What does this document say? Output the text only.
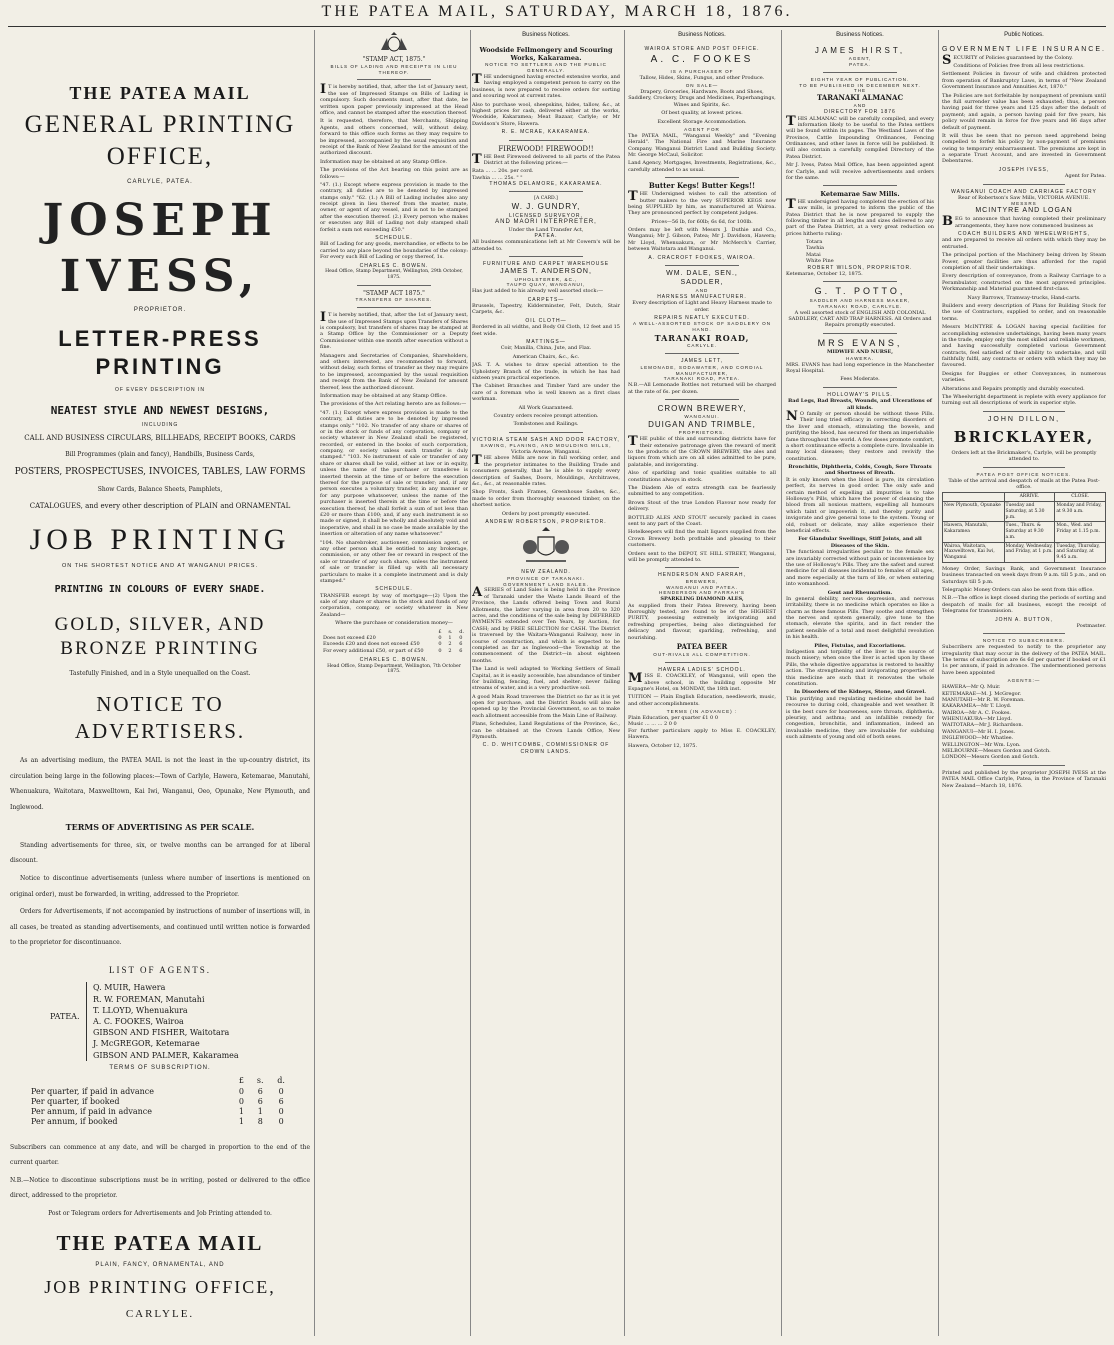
THE PATEA MAIL, SATURDAY, MARCH 18, 1876.
THE PATEA MAIL
GENERAL PRINTING OFFICE,
CARLYLE, PATEA.
JOSEPH IVESS,
PROPRIETOR.
LETTER-PRESS PRINTING
OF EVERY DESCRIPTION IN
NEATEST STYLE AND NEWEST DESIGNS,
INCLUDING
CALL AND BUSINESS CIRCULARS, BILLHEADS, RECEIPT BOOKS, CARDS
Bill Programmes (plain and fancy), Handbills, Business Cards,
POSTERS, PROSPECTUSES, INVOICES, TABLES, LAW FORMS
Show Cards, Balance Sheets, Pamphlets,
CATALOGUES, and every other description of PLAIN and ORNAMENTAL
JOB PRINTING
ON THE SHORTEST NOTICE AND AT WANGANUI PRICES.
PRINTING IN COLOURS OF EVERY SHADE.
GOLD, SILVER, AND BRONZE PRINTING
Tastefully Finished, and in a Style unequalled on the Coast.
NOTICE TO ADVERTISERS.

As an advertising medium, the PATEA MAIL is not the least in the up-country district, its circulation being large in the following places:—Town of Carlyle, Hawera, Ketemarae, Manutahi, Whenuakura, Waitotara, Maxwelltown, Kai Iwi, Wanganui, Oeo, Opunake, New Plymouth, and Inglewood.

TERMS OF ADVERTISING AS PER SCALE.

Standing advertisements for three, six, or twelve months can be arranged for at liberal discount.

Notice to discontinue advertisements (unless where number of insertions is mentioned on original order), must be forwarded, in writing, addressed to the Proprietor.

Orders for Advertisements, if not accompanied by instructions of number of insertions will, in all cases, be treated as standing advertisements, and continued until written notice is forwarded to the proprietor for discontinuance.

LIST OF AGENTS.
PATEA.
Q. MUIR, Hawera
R. W. FOREMAN, Manutahi
T. LLOYD, Whenuakura
A. C. FOOKES, Wairoa
GIBSON AND FISHER, Waitotara
J. McGREGOR, Ketemarae
GIBSON AND PALMER, Kakaramea
TERMS OF SUBSCRIPTION.
	£	s.	d.
Per quarter, if paid in advance	0	6	0
Per quarter, if booked	0	6	6
Per annum, if paid in advance	1	1	0
Per annum, if booked	1	8	0

Subscribers can commence at any date, and will be charged in proportion to the end of the current quarter.

N.B.—Notice to discontinue subscriptions must be in writing, posted or delivered to the office direct, addressed to the proprietor.

Post or Telegram orders for Advertisements and Job Printing attended to.

THE PATEA MAIL
PLAIN, FANCY, ORNAMENTAL, AND
JOB PRINTING OFFICE,
CARLYLE.
"STAMP ACT, 1875."
BILLS OF LADING AND RECEIPTS IN LIEU THEREOF.

IT is hereby notified, that, after the 1st of January next, the use of Impressed Stamps on Bills of Lading is compulsory. Such documents must, after that date, be written upon paper previously impressed at the Head office, and cannot be stamped after the execution thereof.

It is requested, therefore, that Merchants, Shipping Agents, and others concerned, will, without delay, forward to this office such forms as they may require to be impressed, accompanied by the usual requisition and receipt of the Bank of New Zealand for the amount of the authorized discount.

Information may be obtained at any Stamp Office.

The provisions of the Act bearing on this point are as follows:—

"47. (1.) Except where express provision is made to the contrary, all duties are to be denoted by impressed stamps only." "62. (1.) A Bill of Lading includes also any receipt given in lieu thereof from the master, mate, owner, or agent of any vessel, and is not to be stamped after the execution thereof. (2.) Every person who makes or executes any Bill of Lading not duly stamped shall forfeit a sum not exceeding £50."

SCHEDULE.

Bill of Lading for any goods, merchandise, or effects to be carried to any place beyond the boundaries of the colony: For every such Bill of Lading or copy thereof, 1s.

CHARLES C. BOWEN.

Head Office, Stamp Department, Wellington, 29th October, 1875.

"STAMP ACT 1875."
TRANSFERS OF SHARES.

IT is hereby notified, that, after the 1st of January next, the use of Impressed Stamps upon Transfers of Shares is compulsory, but transfers of shares may be stamped at a Stamp Office by the Commissioner or a Deputy Commissioner within one month after execution without a fine.

Managers and Secretaries of Companies, Shareholders, and others interested, are recommended to forward, without delay, such forms of transfer as they may require to be impressed, accompanied by the usual requisition and receipt from the Bank of New Zealand for amount thereof, less the authorized discount.

Information may be obtained at any Stamp Office.

The provisions of the Act relating hereto are as follows:—

"47. (1.) Except where express provision is made to the contrary, all duties are to be denoted by impressed stamps only." "102. No transfer of any share or shares of or in the stock or funds of any corporation, company or society whatever in New Zealand shall be registered, recorded, or entered in the books of such corporation, company, or society unless such transfer is duly stamped." "103. No instrument of sale or transfer of any share or shares shall be valid, either at law or in equity, unless the name of the purchaser or transferee is inserted therein at the time of or before the execution thereof for the purpose of sale or transfer; and, if any person executes a voluntary transfer, in any manner or for any purpose whatsoever, unless the name of the purchaser is inserted therein at the time or before the execution thereof, he shall forfeit a sum of not less than £20 or more than £100; and, if any such instrument is so made or signed, it shall be wholly and absolutely void and inoperative, and shall in no case be made available by the insertion or alteration of any name whatsoever."

"104. No sharebroker, auctioneer, commission agent, or any other person shall be entitled to any brokerage, commission, or any other fee or reward in respect of the sale or transfer of any such share, unless the instrument of sale or transfer is filled up with all necessary particulars to make it a complete instrument and is duly stamped."

SCHEDULE.

TRANSFER except by way of mortgage—(2) Upon the sale of any share or shares in the stock and funds of any corporation, company, or society whatever in New Zealand—

Where the purchase or consideration money—

	£	s.	d.
Does not exceed £20	0	1	0
Exceeds £20 and does not exceed £50	0	2	6
For every additional £50, or part of £50	0	2	6
CHARLES C. BOWEN.

Head Office, Stamp Department, Wellington, 7th October 1875.

Business Notices.
Woodside Fellmongery and Scouring Works, Kakaramea.
NOTICE TO SETTLERS AND THE PUBLIC GENERALLY.

THE undersigned having erected extensive works, and having employed a competent person to carry on the business, is now prepared to receive orders for sorting and scouring wool at current rates.

Also to purchase wool, sheepskins, hides, tallow, &c., at highest prices for cash, delivered either at the works, Woodside, Kakaramea; Meat Bazaar, Carlyle; or Mr Davidson's Store, Hawera.

R. E. MCRAE, KAKARAMEA.
FIREWOOD! FIREWOOD!!

THE Best Firewood delivered to all parts of the Patea District at the following prices:—

Rata ... ... 20s. per cord.
Tawhia ... ... 25s. " "
THOMAS DELAMORE, KAKARAMEA.
[A CARD.]
W. J. GUNDRY,
LICENSED SURVEYOR,
AND MAORI INTERPRETER,
Under the Land Transfer Act,
PATEA.

All business communications left at Mr Cowern's will be attended to.

FURNITURE AND CARPET WAREHOUSE
JAMES T. ANDERSON,
UPHOLSTERER, &C.,
TAUPO QUAY, WANGANUI,

Has just added to his already well assorted stock:—

CARPETS—

Brussels, Tapestry, Kidderminster, Felt, Dutch, Stair Carpets, &c.

OIL CLOTH—

Bordered in all widths, and Body Oil Cloth, 12 feet and 15 feet wide.

MATTINGS—

Coir, Manilla, China, Jute, and Flax.

American Chairs, &c., &c.

JAS. T. A. wishes to draw special attention to the Upholstery Branch of the trade, in which he has had sixteen years practical experience.

The Cabinet Branches and Timber Yard are under the care of a foreman who is well known as a first class workman.

All Work Guaranteed.

Country orders receive prompt attention.

Tombstones and Railings.

VICTORIA STEAM SASH AND DOOR FACTORY,
SAWING, PLANING, AND MOULDING MILLS,
Victoria Avenue, Wanganui.

THE above Mills are now in full working order, and the proprietor intimates to the Building Trade and consumers generally, that he is able to supply every description of Sashes, Doors, Mouldings, Architraves, &c., &c., at reasonable rates.

Shop Fronts, Sash Frames, Greenhouse Sashes, &c., made to order from thoroughly seasoned timber, on the shortest notice.

Orders by post promptly executed.

ANDREW ROBERTSON, PROPRIETOR.
NEW ZEALAND.
PROVINCE OF TARANAKI.
GOVERNMENT LAND SALES.

ASERIES of Land Sales is being held in the Province of Taranaki under the Waste Lands Board of the Province, the Lands offered being Town and Rural Allotments, the latter varying in area from 20 to 320 acres, and the conditions of the sale being by DEFERRED PAYMENTS extended over Ten Years, by Auction, for CASH; and by FREE SELECTION for CASH. The District is traversed by the Waitara-Wanganui Railway, now in course of construction, and which is expected to be completed as far as Inglewood—the Township at the commencement of the District—in about eighteen months.

The Land is well adapted to Working Settlers of Small Capital, as it is easily accessible, has abundance of timber for building, fencing, fuel, and shelter; never failing streams of water, and is a very productive soil.

A good Main Road traverses the District so far as it is yet open for purchase, and the District Roads will also be opened up by the Provincial Government, so as to make each allotment accessible from the Main Line of Railway.

Plans, Schedules, Land Regulations of the Province, &c., can be obtained at the Crown Lands Office, New Plymouth.

C. D. WHITCOMBE, COMMISSIONER OF CROWN LANDS.
Business Notices.
WAIROA STORE AND POST OFFICE.
A. C. FOOKES
IS A PURCHASER OF

Tallow, Hides, Skins, Fungus, and other Produce.

ON SALE—

Drapery, Groceries, Hardware, Boots and Shoes, Saddlery, Crockery, Drugs and Medicines, Paperhangings, Wines and Spirits, &c.

Of best quality, at lowest prices.

Excellent Storage Accommodation.

AGENT FOR

The PATEA MAIL, "Wanganui Weekly" and "Evening Herald". The National Fire and Marine Insurance Company. Wanganui District Land and Building Society. Mr. George McCaul, Solicitor.

Land Agency, Mortgages, Investments, Registrations, &c., carefully attended to as usual.

Butter Kegs! Butter Kegs!!

THE Undersigned wishes to call the attention of butter makers to the very SUPERIOR KEGS now being SUPPLIED by him, as manufactured at Wairoa. They are pronounced perfect by competent judges.

Prices—56 lb, for 60lb; 6s 6d, for 100lb.

Orders may be left with Messrs J. Duthie and Co., Wanganui; Mr J. Gibson, Patea; Mr J. Davidson, Hawera; Mr Lloyd, Whenuakura, or Mr McMerch's Carrier, between Waitotara and Wanganui.

A. CRACROFT FOOKES, WAIROA.
WM. DALE, SEN.,
SADDLER,
AND
HARNESS MANUFACTURER.

Every description of Light and Heavy Harness made to order.

REPAIRS NEATLY EXECUTED.
A WELL-ASSORTED STOCK OF SADDLERY ON HAND.
TARANAKI ROAD,
CARLYLE.
JAMES LETT,
LEMONADE, SODAWATER, AND CORDIAL MANUFACTURER,
TARANAKI ROAD, PATEA.

N.B.—All Lemonade Bottles not returned will be charged at the rate of 6s. per dozen.

CROWN BREWERY,
WANGANUI.
DUIGAN AND TRIMBLE,
PROPRIETORS.

THE public of this and surrounding districts have for their extensive patronage given the reward of merit to the products of the CROWN BREWERY, the ales and liquors from which are on all sides admitted to be pure, palatable, and invigorating.

Also of sparkling and tonic qualities suitable to all constitutions always in stock.

The Diadem Ale of extra strength can be fearlessly submitted to any competition.

Brown Stout of the true London Flavour now ready for delivery.

BOTTLED ALES AND STOUT securely packed in cases sent to any part of the Coast.

Hotelkeepers will find the malt liquors supplied from the Crown Brewery both profitable and pleasing to their customers.

Orders sent to the DEPOT, ST. HILL STREET, Wanganui, will be promptly attended to.

HENDERSON AND FARRAH,
BREWERS,
WANGANUI AND PATEA.
HENDERSON AND FARRAH'S
SPARKLING DIAMOND ALES,

As supplied from their Patea Brewery, having been thoroughly tested, are found to be of the HIGHEST PURITY, possessing extremely invigorating and refreshing properties, being also distinguished for delicacy and flavour, sparkling, refreshing, and nourishing.

PATEA BEER
OUT-RIVALS ALL COMPETITION.
HAWERA LADIES' SCHOOL.

MISS E. COACKLEY, of Wanganui, will open the above school, in the building opposite Mr Espagne's Hotel, on MONDAY, the 18th inst.

TUITION — Plain English Education, needlework, music, and other accomplishments.

TERMS (IN ADVANCE) :
Plain Education, per quarter £1 0 0
Music ... ... ... 2 0 0

For further particulars apply to Miss E. COACKLEY, Hawera.

Hawera, October 12, 1875.
Business Notices.
JAMES HIRST,
AGENT,
PATEA.
EIGHTH YEAR OF PUBLICATION.
TO BE PUBLISHED IN DECEMBER NEXT.
THE
TARANAKI ALMANAC
AND
DIRECTORY FOR 1876

THIS ALMANAC will be carefully compiled, and every information likely to be useful to the Patea settlers will be found within its pages. The Westland Laws of the Province, Cattle Impounding Ordinances, Fencing Ordinances, and other laws in force will be published. It will also contain a carefully compiled Directory of the Patea District.

Mr J. Ivess, Patea Mail Office, has been appointed agent for Carlyle, and will receive advertisements and orders for the same.

Ketemarae Saw Mills.

THE undersigned having completed the erection of his saw mills, is prepared to inform the public of the Patea District that he is now prepared to supply the following timber in all lengths and sizes delivered to any part of the Patea District, at a very great reduction on prices hitherto ruling:

Totara
Tawhia
Matai
White Pine
ROBERT WILSON, PROPRIETOR.
Ketemarae, October 12, 1875.
G. T. POTTO,
SADDLER AND HARNESS MAKER,
TARANAKI ROAD, CARLYLE.

A well assorted stock of ENGLISH AND COLONIAL SADDLERY, CART AND TRAP HARNESS. All Orders and Repairs promptly executed.

MRS EVANS,
MIDWIFE AND NURSE,
HAWERA.

MRS. EVANS has had long experience in the Manchester Royal Hospital.

Fees Moderate.

HOLLOWAY'S PILLS.
Bad Legs, Bad Breasts, Wounds, and Ulcerations of all kinds.

NO family or person should be without these Pills. Their long tried efficacy in correcting disorders of the liver and stomach, stimulating the bowels, and purifying the blood, has secured for them an imperishable fame throughout the world. A few doses promote comfort, a short continuance effects a complete cure. Invaluable in many local diseases; they restore and revivify the constitution.

Bronchitis, Diphtheria, Colds, Cough, Sore Throats and Shortness of Breath.

It is only known when the blood is pure, its circulation perfect, its nerves in good order. The only safe and certain method of expelling all impurities is to take Holloway's Pills, which have the power of cleansing the blood from all noxious matters, expelling all humours which taint or impoverish it, and thereby purity and invigorate and give general tone to the system. Young or old, robust or delicate, may alike experience their beneficial effects.

For Glandular Swellings, Stiff Joints, and all Diseases of the Skin.

The functional irregularities peculiar to the female sex are invariably corrected without pain or inconvenience by the use of Holloway's Pills. They are the safest and surest medicine for all diseases incidental to females of all ages, and more especially at the turn of life, or when entering into womanhood.

Gout and Rheumatism.

In general debility, nervous depression, and nervous irritability, there is no medicine which operates so like a charm as these famous Pills. They soothe and strengthen the nerves and system generally, give tone to the stomach, elevate the spirits, and in fact render the patient sensible of a total and most delightful revolution in his health.

Piles, Fistulas, and Excoriations.

Indigestion and torpidity of the liver is the source of much misery; when once the liver is acted upon by these Pills, the whole digestive apparatus is restored to healthy action. The strengthening and invigorating properties of this medicine are such that it renovates the whole constitution.

In Disorders of the Kidneys, Stone, and Gravel.

This purifying and regulating medicine should be had recourse to during cold, changeable and wet weather. It is the best cure for hoarseness, sore throats, diphtheria, pleurisy, and asthma; and an infallible remedy for congestion, bronchitis, and inflammation, indeed an invaluable medicine, they are invaluable for subduing such ailments of young and old of both sexes.

Public Notices.
GOVERNMENT LIFE INSURANCE.

SECURITY of Policies guaranteed by the Colony.

Conditions of Policies free from all less restrictions.

Settlement Policies in favour of wife and children protected from operation of Bankruptcy Laws, in terms of "New Zealand Government Insurance and Annuities Act, 1870."

The Policies are not forfeitable by nonpayment of premium until the full surrender value has been exhausted; thus, a person having paid for three years and 125 days after the default of payment; and again, a person having paid for five years, his policy would remain in force for five years and 86 days after default of payment.

It will thus be seen that no person need apprehend being compelled to forfeit his policy by non-payment of premiums owing to temporary embarrassment. The premiums are kept in a separate Trust Account, and are invested in Government Debentures.

JOSEPH IVESS,
Agent for Patea.
WANGANUI COACH AND CARRIAGE FACTORY
Rear of Robertson's Saw Mills, VICTORIA AVENUE.
MESSRS
MCINTYRE AND LOGAN

BEG to announce that having completed their preliminary arrangements, they have now commenced business as

COACH BUILDERS AND WHEELWRIGHTS,

and are prepared to receive all orders with which they may be entrusted.

The principal portion of the Machinery being driven by Steam Power, greater facilities are thus afforded for the rapid completion of all their undertakings.

Every description of conveyance, from a Railway Carriage to a Perambulator, constructed on the most approved principles. Workmanship and Material guaranteed first-class.

Navy Barrows, Tramway-trucks, Hand-carts.

Builders and every description of Plans for Building Stock for the use of Contractors, supplied to order, and on reasonable terms.

Messrs McINTYRE & LOGAN having special facilities for accomplishing extensive undertakings, having been many years in the trade, employ only the most skilled and reliable workmen, and having successfully completed various Government contracts, feel satisfied of their ability to undertake, and will faithfully fulfil, any contracts or orders with which they may be favoured.

Designs for Buggies or other Conveyances, in numerous varieties.

Alterations and Repairs promptly and durably executed.

The Wheelwright department is replete with every appliance for turning out all descriptions of work in superior style.

JOHN DILLON,
BRICKLAYER,

Orders left at the Brickmaker's, Carlyle, will be promptly attended to.

PATEA POST OFFICE NOTICES.

Table of the arrival and despatch of mails at the Patea Post-office.

	ARRIVE.	CLOSE.
New Plymouth, Opunake	Tuesday and Saturday, at 5.30 p.m.	Monday and Friday, at 9.30 a.m.
Hawera, Manutahi, Kakaramea	Tues., Thurs. & Saturday at 9.30 a.m.	Mon., Wed. and Friday at 1.15 p.m.
Wairoa, Waitotara, Maxwelltown, Kai Iwi, Wanganui	Monday, Wednesday, and Friday, at 1 p.m.	Tuesday, Thursday, and Saturday, at 9.45 a.m.

Money Order, Savings Bank, and Government Insurance business transacted on week days from 9 a.m. till 5 p.m., and on Saturdays till 5 p.m.

Telegraphic Money Orders can also be sent from this office.

N.B.—The office is kept closed during the periods of sorting and despatch of mails for all business, except the receipt of Telegrams for transmission.

JOHN A. BUTTON,
Postmaster.
NOTICE TO SUBSCRIBERS.

Subscribers are requested to notify to the proprietor any irregularity that may occur in the delivery of the PATEA MAIL. The terms of subscription are 6s 6d per quarter if booked or £1 1s per annum, if paid in advance. The undermentioned persons have been appointed

AGENTS:—
HAWERA—Mr Q. Muir.
KETEMARAE—M. J. McGregor.
MANUTAHI—Mr R. W. Foreman.
KAKARAMEA—Mr T. Lloyd.
WAIROA—Mr A. C. Fookes.
WHENUAKURA—Mr Lloyd.
WAITOTARA—Mr J. Richardson.
WANGANUI—Mr H. I. Jones.
INGLEWOOD—Mr Whatlee.
WELLINGTON—Mr Wm. Lyon.
MELBOURNE—Messrs Gordon and Gotch.
LONDON—Messrs Gordon and Gotch.

Printed and published by the proprietor JOSEPH IVESS at the PATEA MAIL Office Carlyle, Patea, in the Province of Taranaki New Zealand—March 18, 1876.
